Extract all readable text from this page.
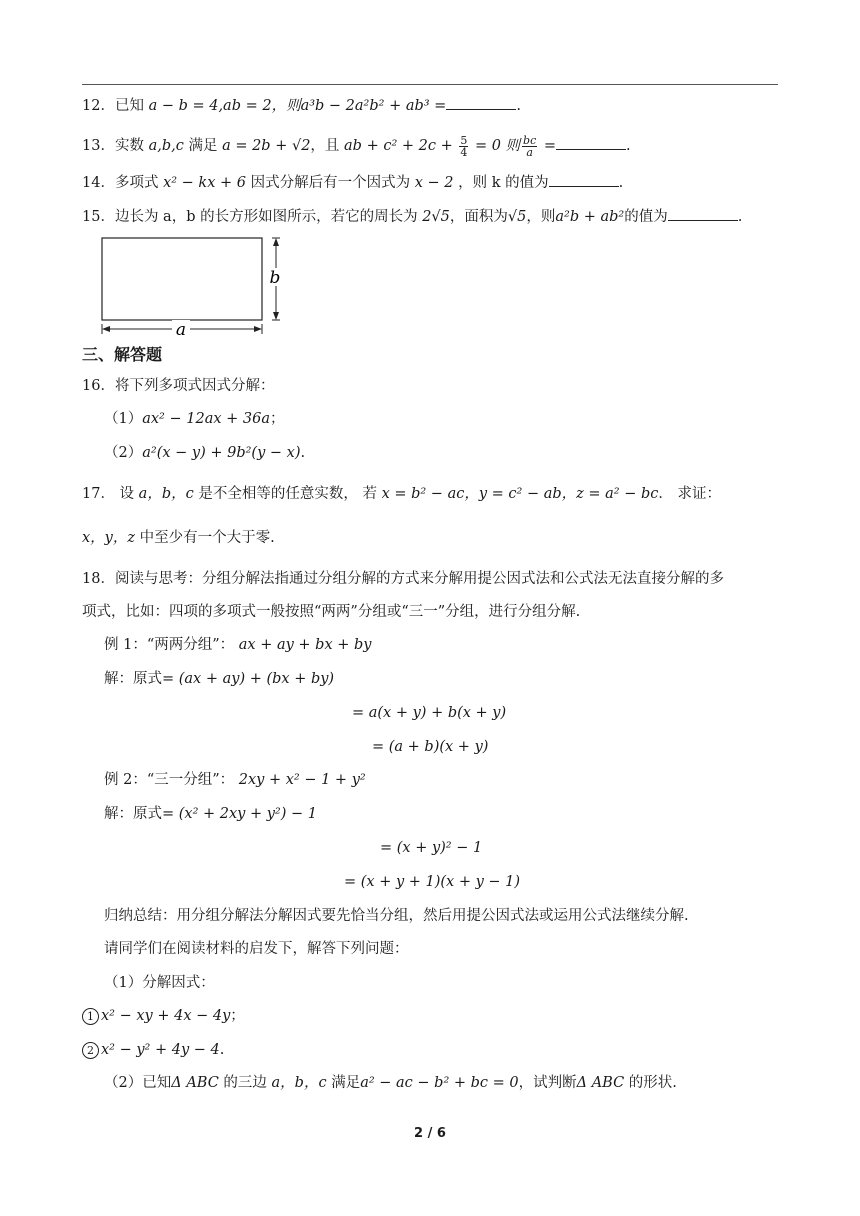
12．已知 a − b = 4,ab = 2，则a³b − 2a²b² + ab³ =	.
13．实数 a,b,c 满足 a = 2b + √2，且 ab + $c^2 + 2c + \frac{5}{4} = 0$ 则 $\frac{bc}{a}$ =	.
14．多项式 x² − kx + 6 因式分解后有一个因式为 x − 2 ，则 k 的值为	.
15．边长为 a，b 的长方形如图所示，若它的周长为 2√5，面积为√5，则a²b + ab²的值为	.
b
a
三、解答题
16．将下列多项式因式分解：
（1）ax² − 12ax + 36a；
（2）a²(x − y) + 9b²(y − x).
17． 设 a，b，c 是不全相等的任意实数， 若 x = b² − ac，y = c² − ab，z = a² − bc． 求证：
x，y，z 中至少有一个大于零.
18．阅读与思考：分组分解法指通过分组分解的方式来分解用提公因式法和公式法无法直接分解的多
项式，比如：四项的多项式一般按照“两两”分组或“三一”分组，进行分组分解.
例 1：“两两分组”： ax + ay + bx + by
解：原式= (ax + ay) + (bx + by)
= a(x + y) + b(x + y)
= (a + b)(x + y)
例 2：“三一分组”： 2xy + x² − 1 + y²
解：原式= (x² + 2xy + y²) − 1
= (x + y)² − 1
= (x + y + 1)(x + y − 1)
归纳总结：用分组分解法分解因式要先恰当分组，然后用提公因式法或运用公式法继续分解.
请同学们在阅读材料的启发下，解答下列问题：
（1）分解因式：
1 x² − xy + 4x − 4y；
2 x² − y² + 4y − 4.
（2）已知Δ ABC 的三边 a，b，c 满足a² − ac − b² + bc = 0，试判断Δ ABC 的形状.
2 / 6
